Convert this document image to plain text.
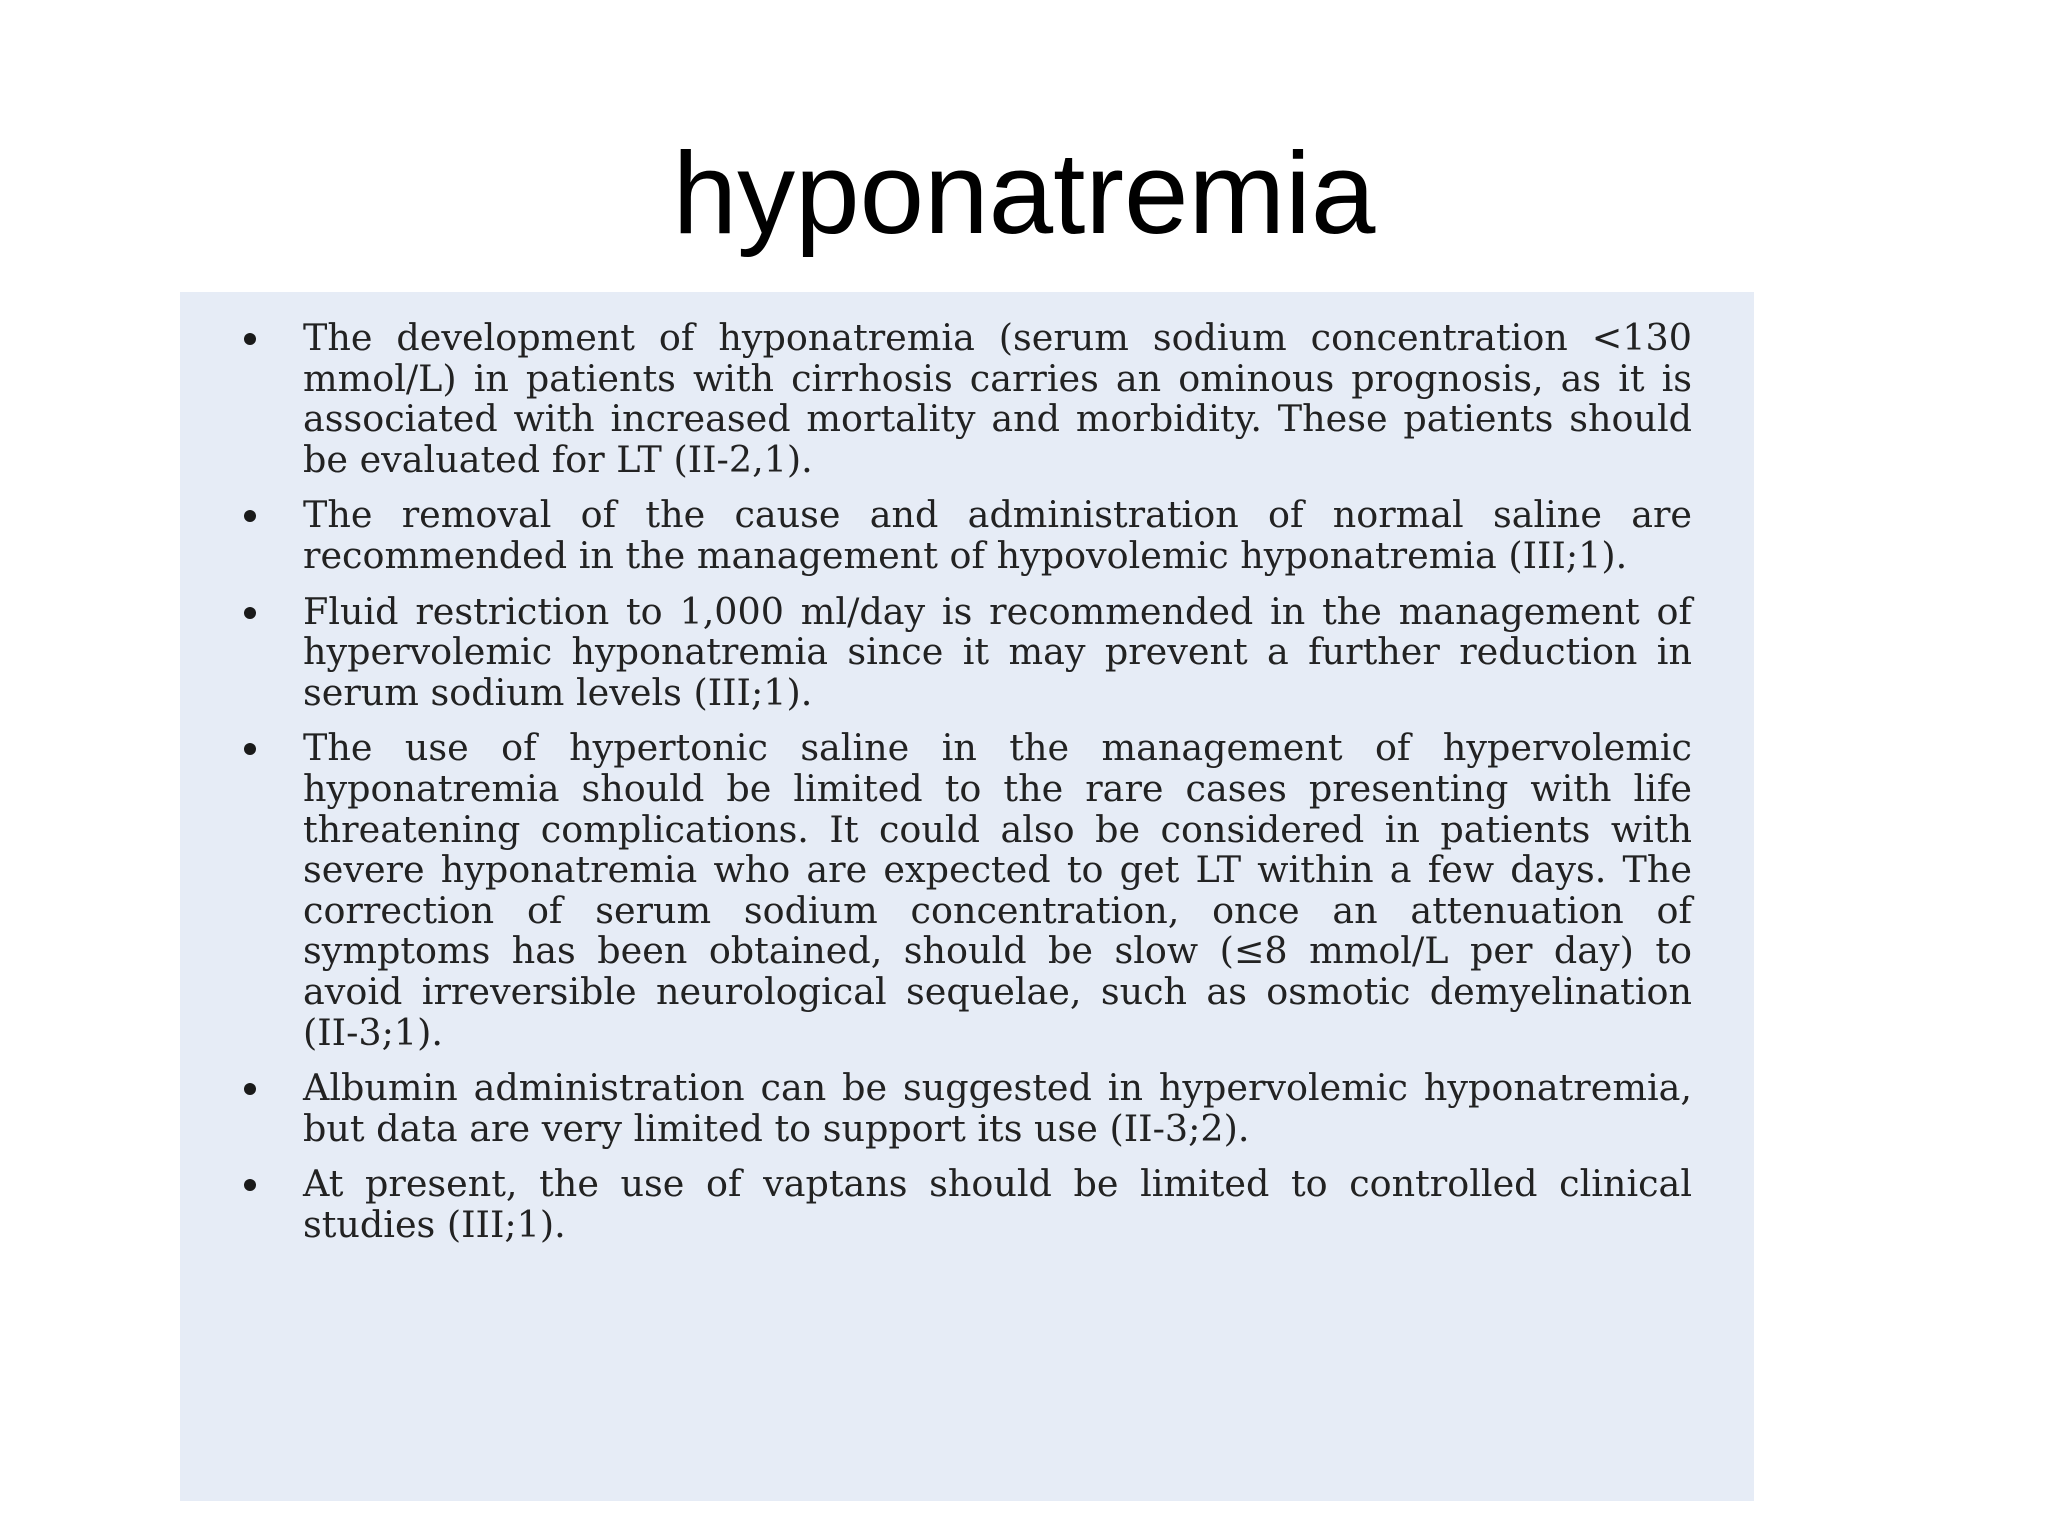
hyponatremia
The development of hyponatremia (serum sodium concentration <130 mmol/L) in patients with cirrhosis carries an ominous prognosis, as it is associated with increased mortality and morbidity. These patients should be evaluated for LT (II-2,1).
The removal of the cause and administration of normal saline are recommended in the management of hypovolemic hyponatremia (III;1).
Fluid restriction to 1,000 ml/day is recommended in the management of hypervolemic hyponatremia since it may prevent a further reduction in serum sodium levels (III;1).
The use of hypertonic saline in the management of hypervolemic hyponatremia should be limited to the rare cases presenting with life threatening complications. It could also be considered in patients with severe hyponatremia who are expected to get LT within a few days. The correction of serum sodium concentration, once an attenuation of symptoms has been obtained, should be slow (≤8 mmol/L per day) to avoid irreversible neurological sequelae, such as osmotic demyelination (II-3;1).
Albumin administration can be suggested in hypervolemic hyponatremia, but data are very limited to support its use (II-3;2).
At present, the use of vaptans should be limited to controlled clinical studies (III;1).
